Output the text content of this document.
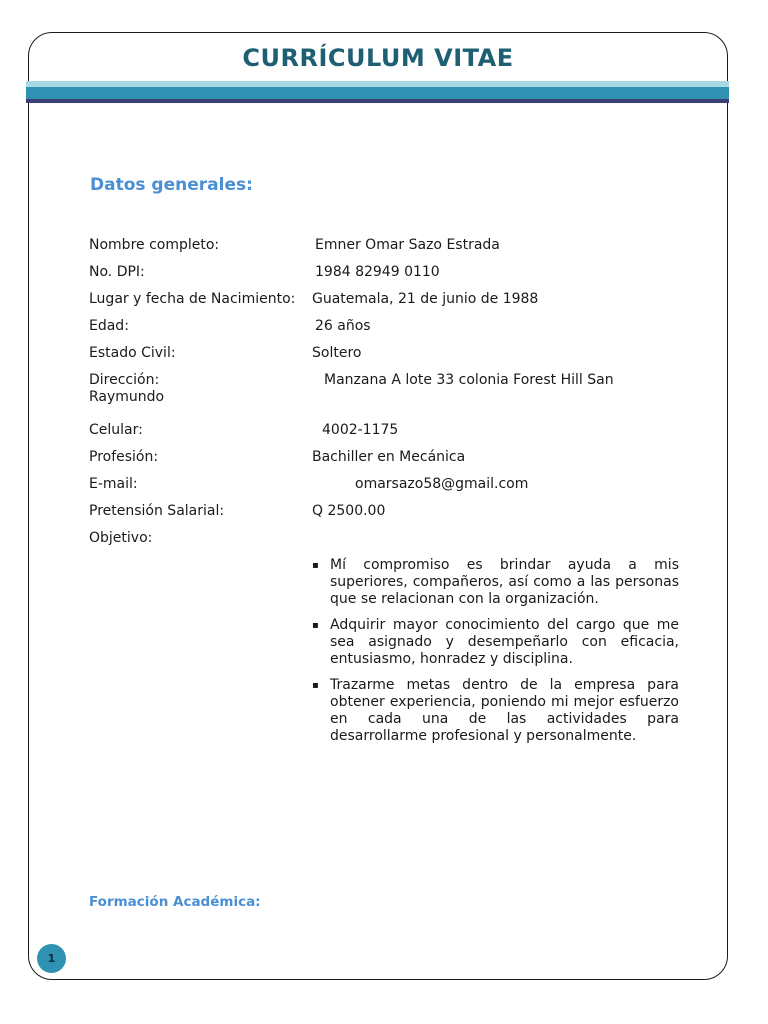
CURRÍCULUM VITAE
Datos generales:
Nombre completo:	Emner Omar Sazo Estrada
No. DPI:	1984 82949 0110
Lugar y fecha de Nacimiento: Guatemala, 21 de junio de 1988
Edad:	26 años
Estado Civil:	Soltero
Dirección:	Manzana A lote 33 colonia Forest Hill San
Raymundo
Celular:	4002-1175
Profesión:	Bachiller en Mecánica
E-mail:	omarsazo58@gmail.com
Pretensión Salarial:	Q 2500.00
Objetivo:
▪ Mí compromiso es brindar ayuda a mis superiores, compañeros, así como a las personas que se relacionan con la organización.
▪ Adquirir mayor conocimiento del cargo que me sea asignado y desempeñarlo con eficacia, entusiasmo, honradez y disciplina.
▪ Trazarme metas dentro de la empresa para obtener experiencia, poniendo mi mejor esfuerzo en cada una de las actividades para desarrollarme profesional y personalmente.
Formación Académica:
1
